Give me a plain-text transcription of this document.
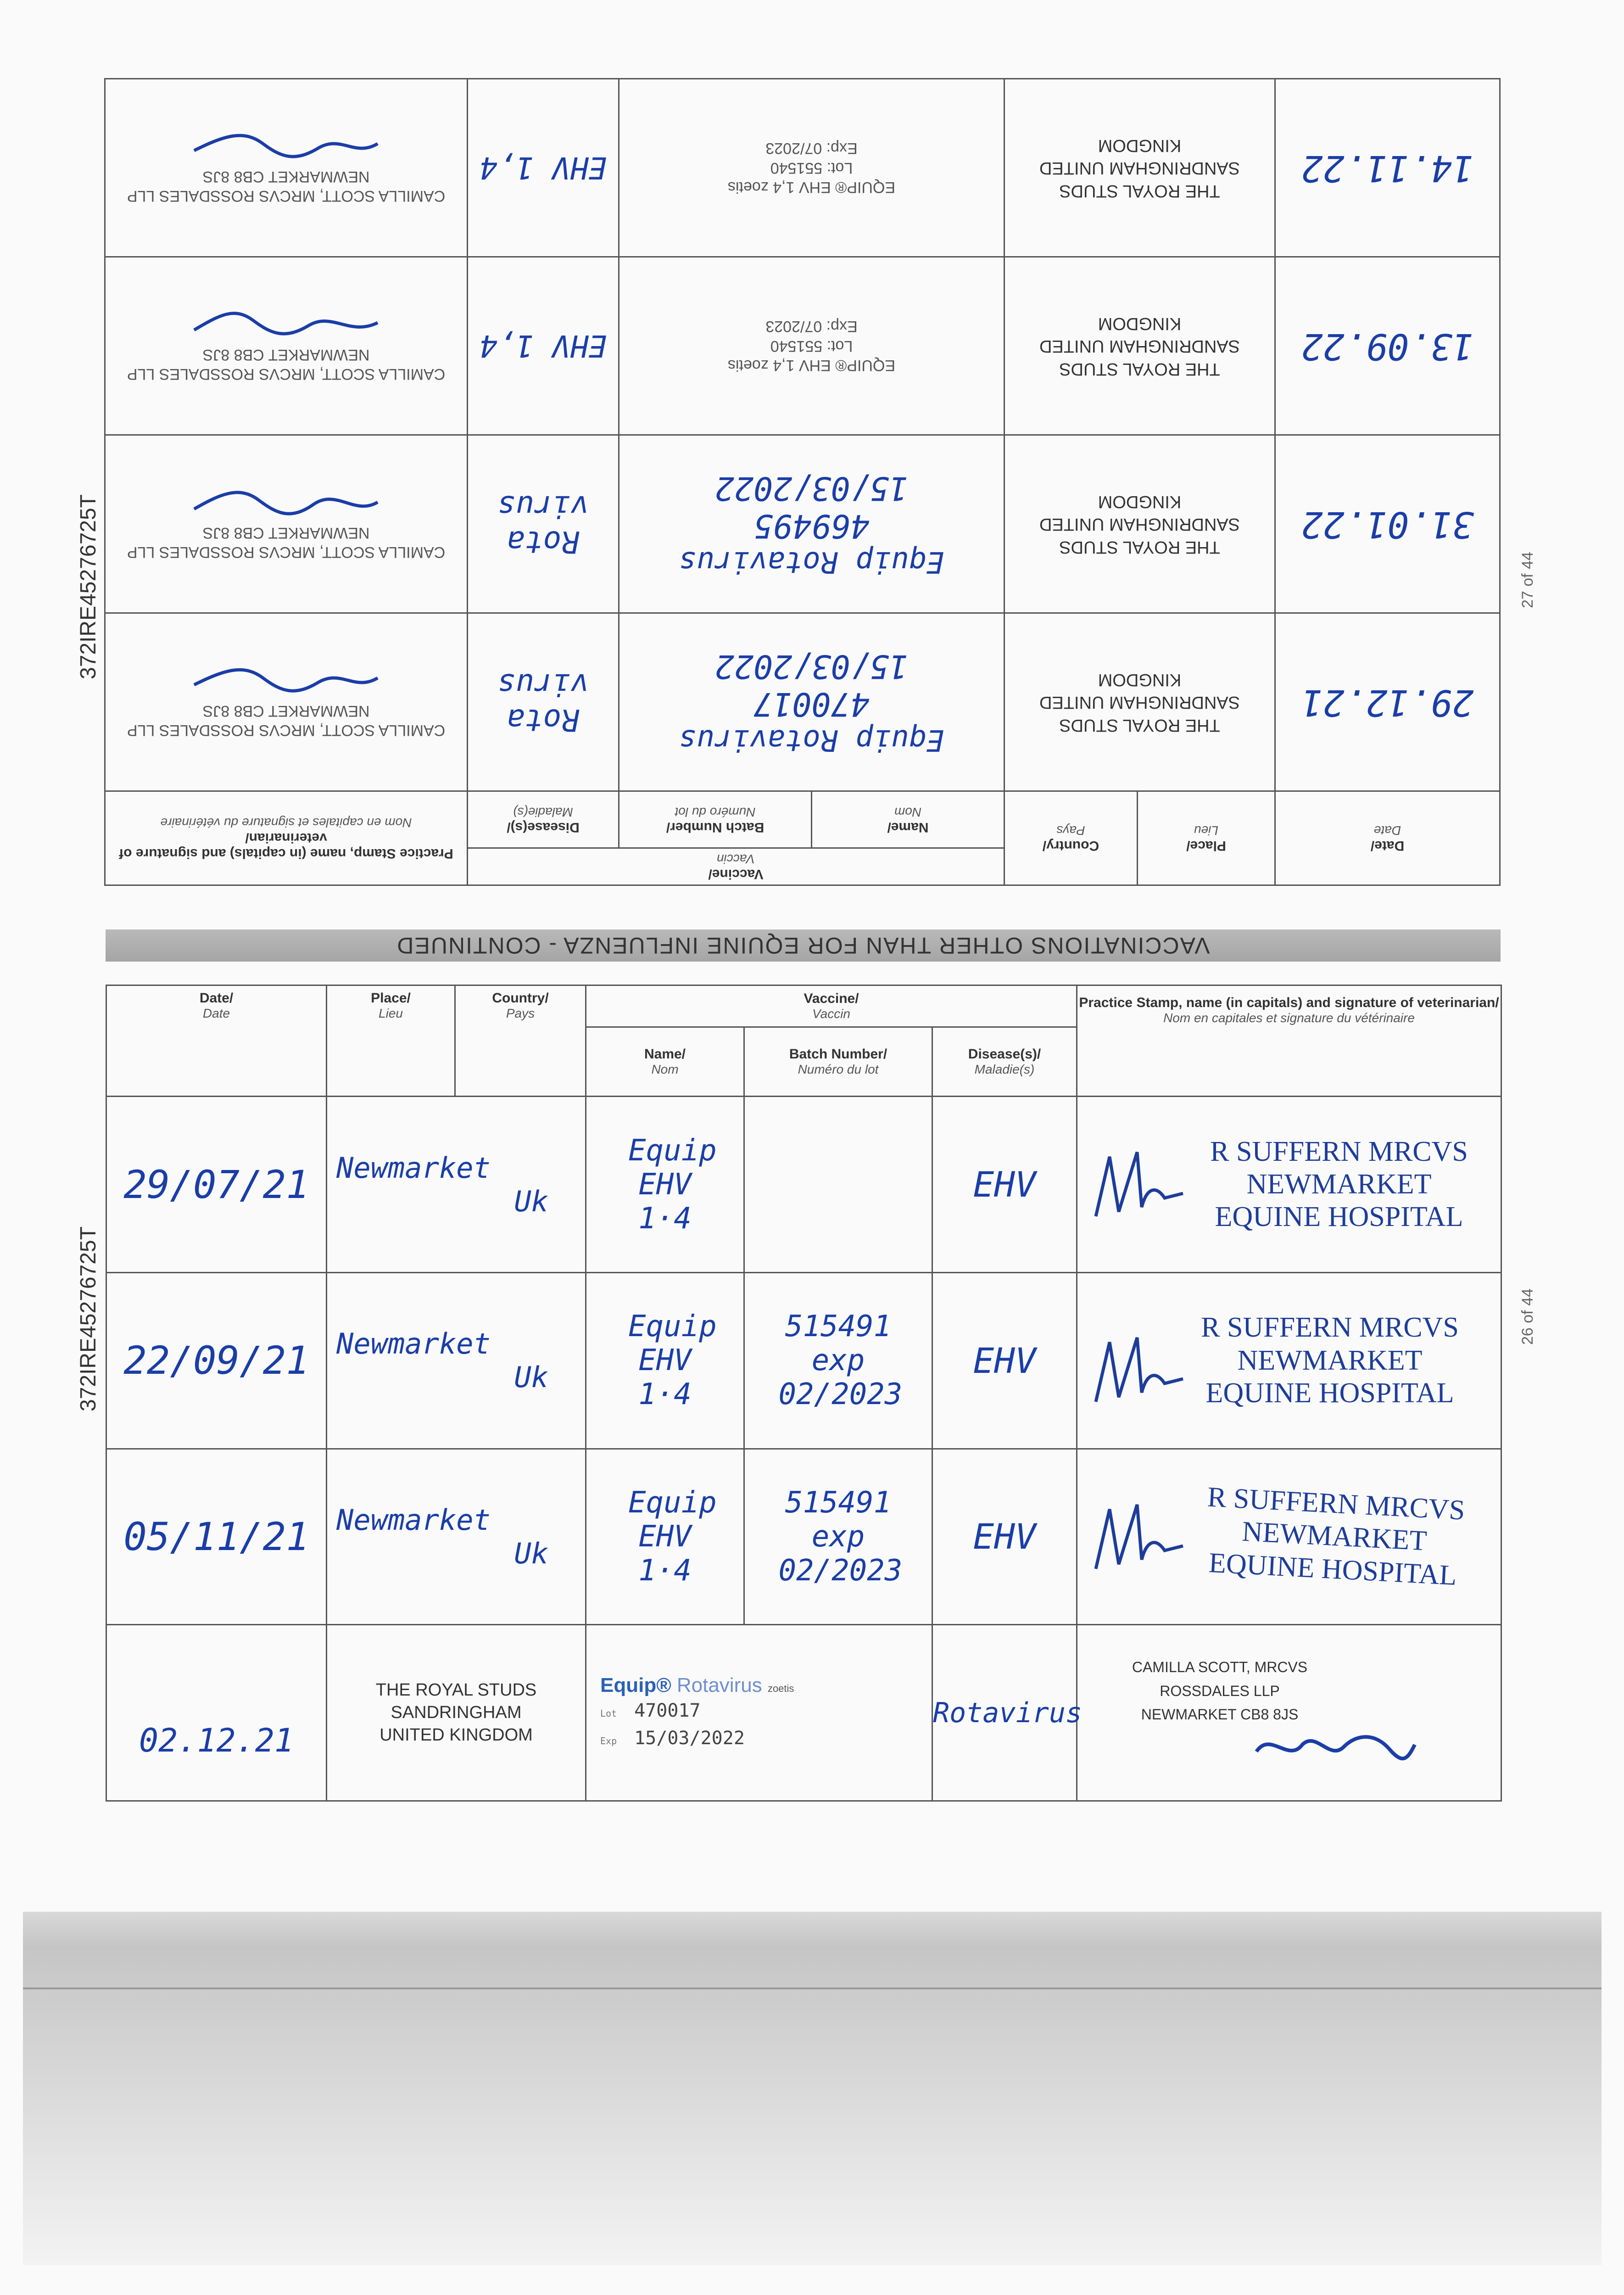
372IRE45276725T
372IRE45276725T
27 of 44
26 of 44
Date/
Date	Place/
Lieu	Country/
Pays	Vaccine/
Vaccin			Practice Stamp, name (in capitals) and signature of veterinarian/
Nom en capitales et signature du vétérinaire

			Name/
Nom	Batch Number/
Numéro du lot	Disease(s)/
Maladie(s)	

29.12.21	THE ROYAL STUDS SANDRINGHAM UNITED KINGDOM		Equip Rotavirus
470017
15/03/2022		Rota virus	CAMILLA SCOTT, MRCVS ROSSDALES LLP NEWMARKET CB8 8JS

31.01.22	THE ROYAL STUDS SANDRINGHAM UNITED KINGDOM		Equip Rotavirus
469495
15/03/2022		Rota virus	CAMILLA SCOTT, MRCVS ROSSDALES LLP NEWMARKET CB8 8JS

13.09.22	THE ROYAL STUDS SANDRINGHAM UNITED KINGDOM		EQUIP® EHV 1,4 zoetis
Lot: 551540
Exp: 07/2023		EHV 1,4	CAMILLA SCOTT, MRCVS ROSSDALES LLP NEWMARKET CB8 8JS

14.11.22	THE ROYAL STUDS SANDRINGHAM UNITED KINGDOM		EQUIP® EHV 1,4 zoetis
Lot: 551540
Exp: 07/2023		EHV 1,4	CAMILLA SCOTT, MRCVS ROSSDALES LLP NEWMARKET CB8 8JS
VACCINATIONS OTHER THAN FOR EQUINE INFLUENZA - CONTINUED
Date/
Date	Place/
Lieu	Country/
Pays	Vaccine/
Vaccin			Practice Stamp, name (in capitals) and signature of veterinarian/
Nom en capitales et signature du vétérinaire

			Name/
Nom	Batch Number/
Numéro du lot	Disease(s)/
Maladie(s)	

29/07/21	Newmarket
Uk		Equip EHV 1·4		EHV	R SUFFERN MRCVS NEWMARKET EQUINE HOSPITAL

22/09/21	Newmarket
Uk		Equip EHV 1·4	515491 exp 02/2023	EHV	R SUFFERN MRCVS NEWMARKET EQUINE HOSPITAL

05/11/21	Newmarket
Uk		Equip EHV 1·4	515491 exp 02/2023	EHV	R SUFFERN MRCVS NEWMARKET EQUINE HOSPITAL

02.12.21	THE ROYAL STUDS SANDRINGHAM UNITED KINGDOM		Equip® Rotavirus zoetis
Lot 470017
Exp 15/03/2022		Rotavirus	CAMILLA SCOTT, MRCVS ROSSDALES LLP NEWMARKET CB8 8JS
